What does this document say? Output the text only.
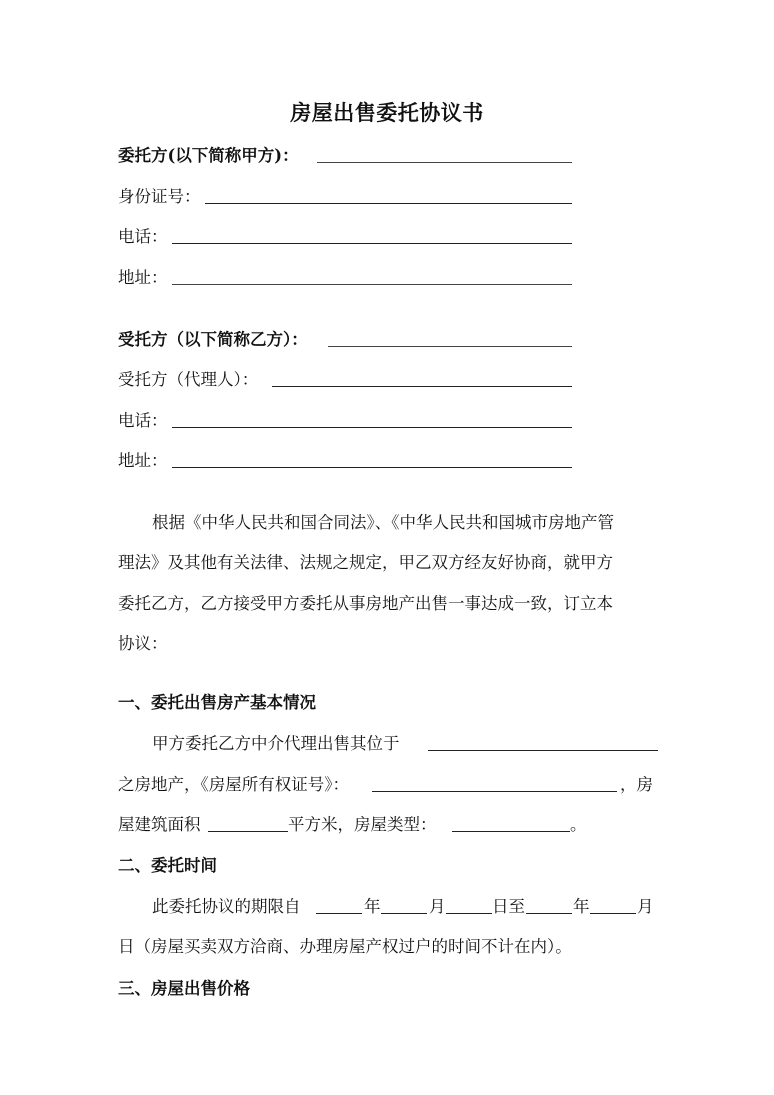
房屋出售委托协议书
委托方(以下简称甲方)：
身份证号：
电话：
地址：
受托方（以下简称乙方）：
受托方（代理人）：
电话：
地址：
根据《中华人民共和国合同法》、《中华人民共和国城市房地产管
理法》及其他有关法律、法规之规定，甲乙双方经友好协商，就甲方
委托乙方，乙方接受甲方委托从事房地产出售一事达成一致，订立本
协议：
一、委托出售房产基本情况
甲方委托乙方中介代理出售其位于
之房地产，《房屋所有权证号》：	，房
屋建筑面积	平方米，房屋类型：	。
二、委托时间
此委托协议的期限自	年	月	日至	年	月
日（房屋买卖双方洽商、办理房屋产权过户的时间不计在内）。
三、房屋出售价格
